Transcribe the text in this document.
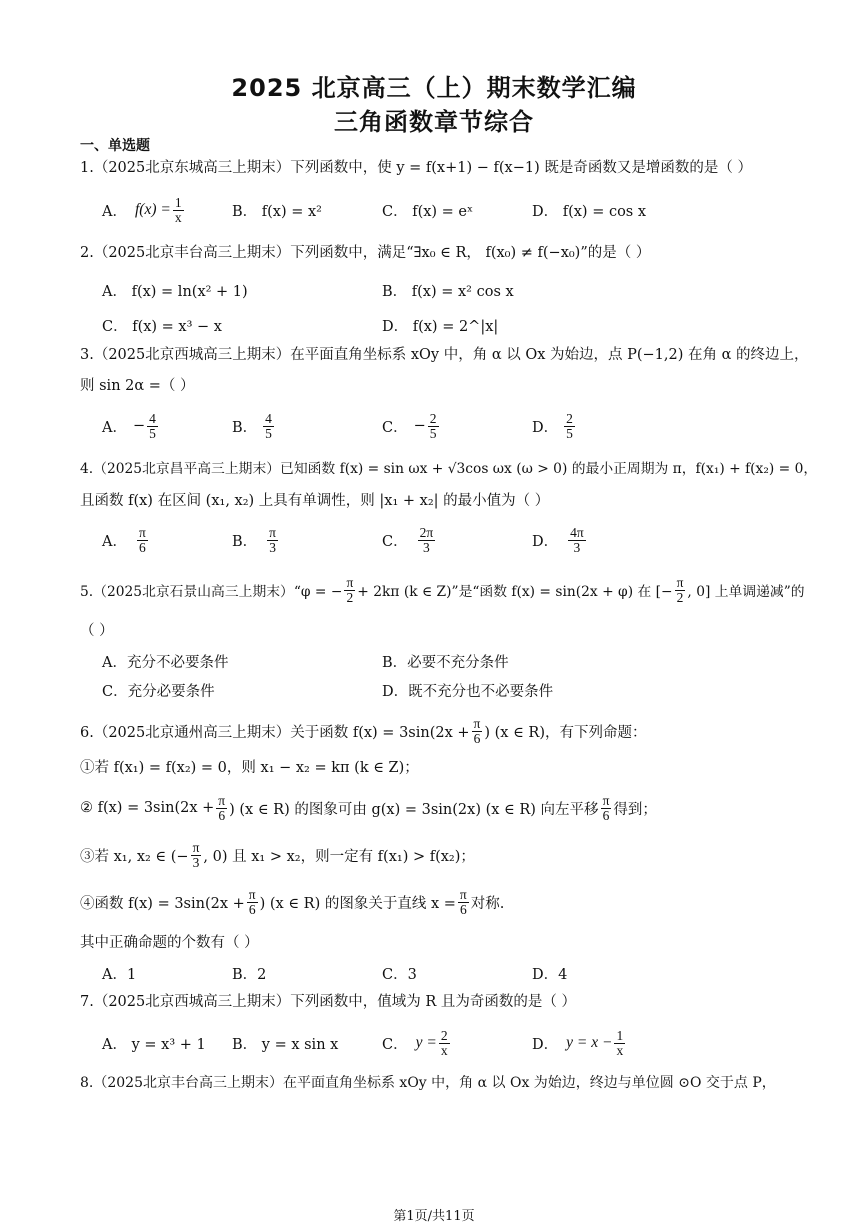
2025 北京高三（上）期末数学汇编
三角函数章节综合
一、单选题
1.（2025北京东城高三上期末）下列函数中，使 y = f(x+1) − f(x−1) 既是奇函数又是增函数的是（ ）
A． $f(x) = \frac{1}{x}$	B． f(x) = x²	C． f(x) = eˣ	D． f(x) = cos x
2.（2025北京丰台高三上期末）下列函数中，满足“∃x₀ ∈ R， f(x₀) ≠ f(−x₀)”的是（ ）
A． f(x) = ln(x² + 1)	B． f(x) = x² cos x
C． f(x) = x³ − x	D． f(x) = 2^|x|
3.（2025北京西城高三上期末）在平面直角坐标系 xOy 中，角 α 以 Ox 为始边，点 P(−1,2) 在角 α 的终边上，
则 sin 2α =（ ）
A． − $\frac{4}{5}$	B． $\frac{4}{5}$	C． − $\frac{2}{5}$	D． $\frac{2}{5}$
4.（2025北京昌平高三上期末）已知函数 f(x) = sin ωx + √3cos ωx (ω > 0) 的最小正周期为 π，f(x₁) + f(x₂) = 0，
且函数 f(x) 在区间 (x₁, x₂) 上具有单调性，则 |x₁ + x₂| 的最小值为（ ）
A． $\frac{\pi}{6}$	B． $\frac{\pi}{3}$	C． $\frac{2\pi}{3}$	D． $\frac{4\pi}{3}$
5.（2025北京石景山高三上期末）“φ = − $\frac{\pi}{2} + 2k\pi$ (k ∈ Z)”是“函数 f(x) = sin(2x + φ) 在 [− $\frac{\pi}{2}$ , 0] 上单调递减”的
（ ）
A．充分不必要条件	B．必要不充分条件
C．充分必要条件	D．既不充分也不必要条件
6.（2025北京通州高三上期末）关于函数 $f(x) = 3\sin(2x + \frac{\pi}{6}$ ) (x ∈ R)，有下列命题：
①若 f(x₁) = f(x₂) = 0，则 x₁ − x₂ = kπ (k ∈ Z)；
② $f(x) = 3\sin(2x + \frac{\pi}{6}$ ) (x ∈ R) 的图象可由 g(x) = 3sin(2x) (x ∈ R) 向左平移 $\frac{\pi}{6}$ 得到；
③若 x₁, x₂ ∈ (− $\frac{\pi}{3}$ , 0) 且 x₁ > x₂，则一定有 f(x₁) > f(x₂)；
④函数 $f(x) = 3\sin(2x + \frac{\pi}{6}$ ) (x ∈ R) 的图象关于直线 $x = \frac{\pi}{6}$ 对称.
其中正确命题的个数有（ ）
A．1	B．2	C．3	D．4
7.（2025北京西城高三上期末）下列函数中，值域为 R 且为奇函数的是（ ）
A． y = x³ + 1 B． y = x sin x	C． $y = \frac{2}{x}$	D． $y = x - \frac{1}{x}$
8.（2025北京丰台高三上期末）在平面直角坐标系 xOy 中，角 α 以 Ox 为始边，终边与单位圆 ⊙O 交于点 P，
第1页/共11页
